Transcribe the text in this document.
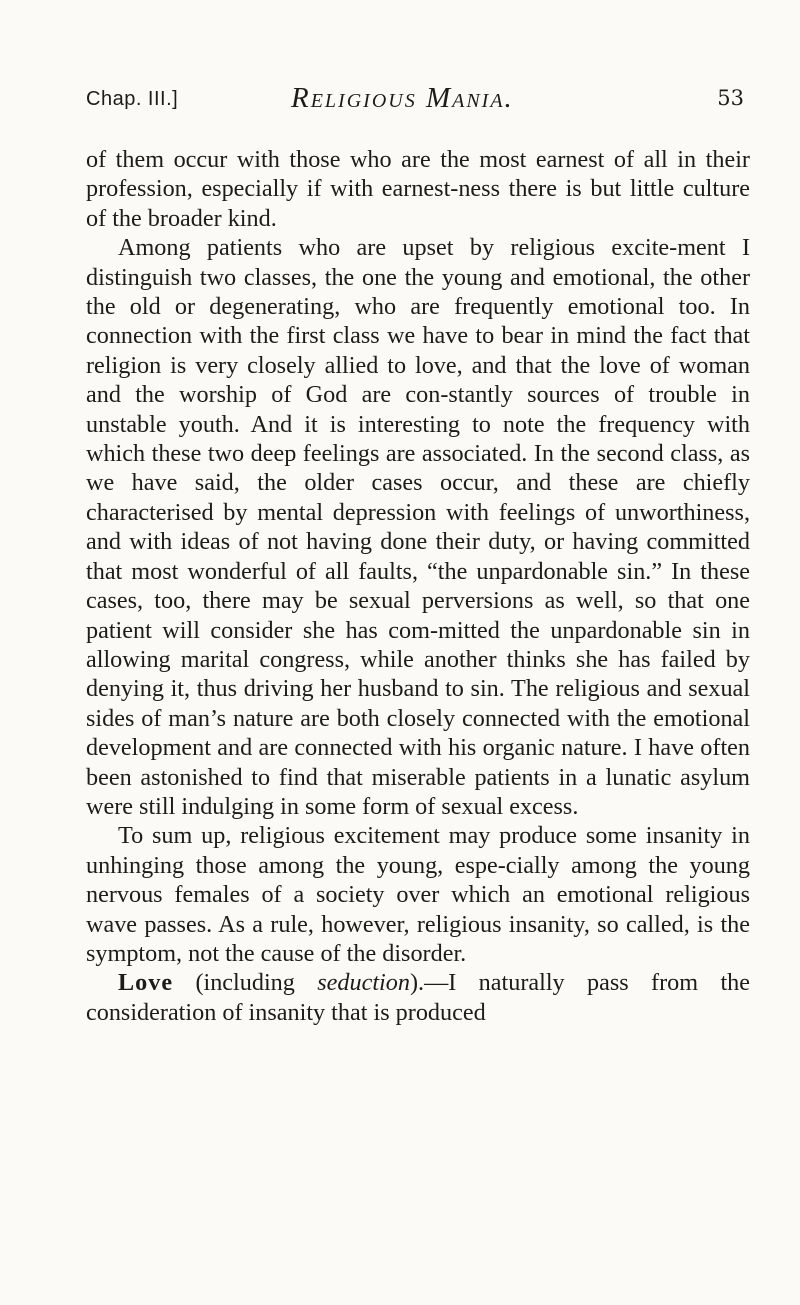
Chap. III.]	Religious Mania.	53

of them occur with those who are the most earnest of all in their profession, especially if with earnest-ness there is but little culture of the broader kind.

Among patients who are upset by religious excite-ment I distinguish two classes, the one the young and emotional, the other the old or degenerating, who are frequently emotional too. In connection with the first class we have to bear in mind the fact that religion is very closely allied to love, and that the love of woman and the worship of God are con-stantly sources of trouble in unstable youth. And it is interesting to note the frequency with which these two deep feelings are associated. In the second class, as we have said, the older cases occur, and these are chiefly characterised by mental depression with feelings of unworthiness, and with ideas of not having done their duty, or having committed that most wonderful of all faults, “the unpardonable sin.” In these cases, too, there may be sexual perversions as well, so that one patient will consider she has com-mitted the unpardonable sin in allowing marital congress, while another thinks she has failed by denying it, thus driving her husband to sin. The religious and sexual sides of man’s nature are both closely connected with the emotional development and are connected with his organic nature. I have often been astonished to find that miserable patients in a lunatic asylum were still indulging in some form of sexual excess.

To sum up, religious excitement may produce some insanity in unhinging those among the young, espe-cially among the young nervous females of a society over which an emotional religious wave passes. As a rule, however, religious insanity, so called, is the symptom, not the cause of the disorder.

Love (including seduction).—I naturally pass from the consideration of insanity that is produced
